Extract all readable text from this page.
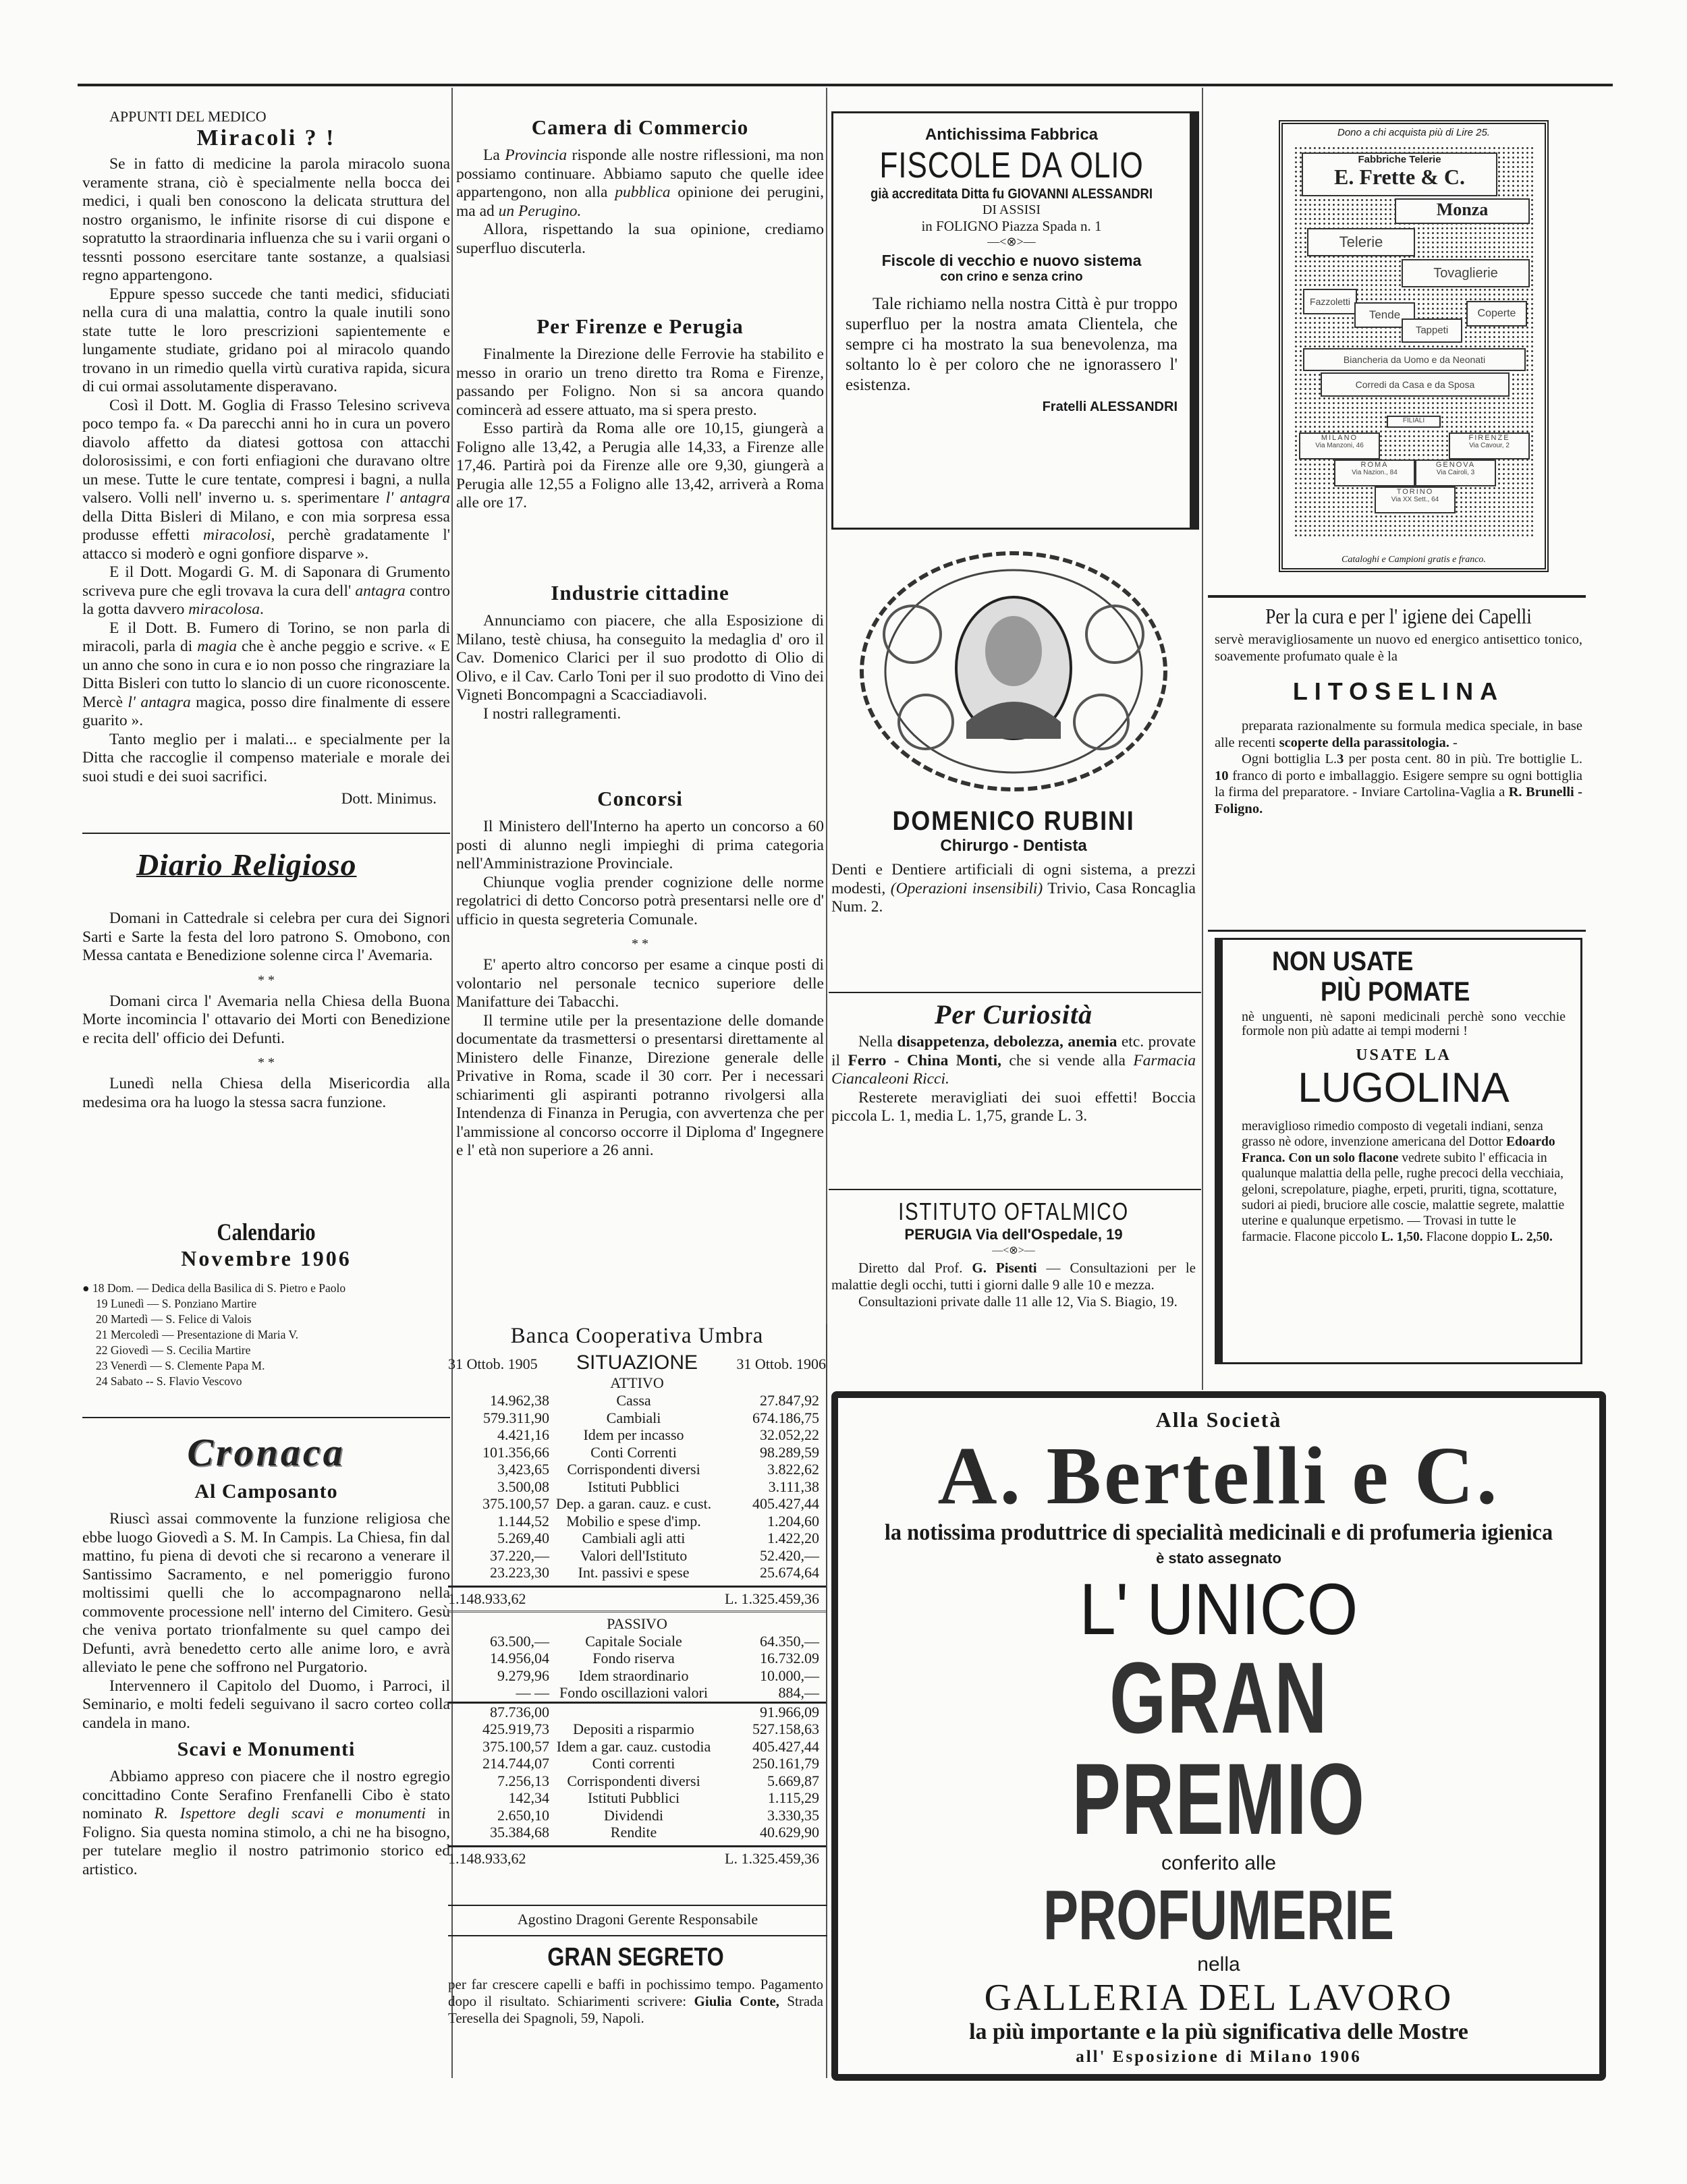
APPUNTI DEL MEDICO
Miracoli ? !

Se in fatto di medicine la parola miracolo suona veramente strana, ciò è specialmente nella bocca dei medici, i quali ben conoscono la delicata struttura del nostro organismo, le infinite risorse di cui dispone e sopratutto la straordinaria influenza che su i varii organi o tessnti possono esercitare tante sostanze, a qualsiasi regno appartengono.

Eppure spesso succede che tanti medici, sfiduciati nella cura di una malattia, contro la quale inutili sono state tutte le loro prescrizioni sapientemente e lungamente studiate, gridano poi al miracolo quando trovano in un rimedio quella virtù curativa rapida, sicura di cui ormai assolutamente disperavano.

Così il Dott. M. Goglia di Frasso Telesino scriveva poco tempo fa. « Da parecchi anni ho in cura un povero diavolo affetto da diatesi gottosa con attacchi dolorosissimi, e con forti enfiagioni che duravano oltre un mese. Tutte le cure tentate, compresi i bagni, a nulla valsero. Volli nell' inverno u. s. sperimentare l' antagra della Ditta Bisleri di Milano, e con mia sorpresa essa produsse effetti miracolosi, perchè gradatamente l' attacco si moderò e ogni gonfiore disparve ».

E il Dott. Mogardi G. M. di Saponara di Grumento scriveva pure che egli trovava la cura dell' antagra contro la gotta davvero miracolosa.

E il Dott. B. Fumero di Torino, se non parla di miracoli, parla di magia che è anche peggio e scrive. « E un anno che sono in cura e io non posso che ringraziare la Ditta Bisleri con tutto lo slancio di un cuore riconoscente. Mercè l' antagra magica, posso dire finalmente di essere guarito ».

Tanto meglio per i malati... e specialmente per la Ditta che raccoglie il compenso materiale e morale dei suoi studi e dei suoi sacrifici.

Dott. Minimus.
Diario Religioso

Domani in Cattedrale si celebra per cura dei Signori Sarti e Sarte la festa del loro patrono S. Omobono, con Messa cantata e Benedizione solenne circa l' Avemaria.

* *

Domani circa l' Avemaria nella Chiesa della Buona Morte incomincia l' ottavario dei Morti con Benedizione e recita dell' officio dei Defunti.

* *

Lunedì nella Chiesa della Misericordia alla medesima ora ha luogo la stessa sacra funzione.

Calendario
Novembre 1906
● 18 Dom. — Dedica della Basilica di S. Pietro e Paolo
19 Lunedì — S. Ponziano Martire
20 Martedì — S. Felice di Valois
21 Mercoledì — Presentazione di Maria V.
22 Giovedì — S. Cecilia Martire
23 Venerdì — S. Clemente Papa M.
24 Sabato -- S. Flavio Vescovo
Cronaca
Al Camposanto

Riuscì assai commovente la funzione religiosa che ebbe luogo Giovedì a S. M. In Campis. La Chiesa, fin dal mattino, fu piena di devoti che si recarono a venerare il Santissimo Sacramento, e nel pomeriggio furono moltissimi quelli che lo accompagnarono nella commovente processione nell' interno del Cimitero. Gesù che veniva portato trionfalmente su quel campo dei Defunti, avrà benedetto certo alle anime loro, e avrà alleviato le pene che soffrono nel Purgatorio.

Intervennero il Capitolo del Duomo, i Parroci, il Seminario, e molti fedeli seguivano il sacro corteo colla candela in mano.

Scavi e Monumenti

Abbiamo appreso con piacere che il nostro egregio concittadino Conte Serafino Frenfanelli Cibo è stato nominato R. Ispettore degli scavi e monumenti in Foligno. Sia questa nomina stimolo, a chi ne ha bisogno, per tutelare meglio il nostro patrimonio storico ed artistico.

Camera di Commercio

La Provincia risponde alle nostre riflessioni, ma non possiamo continuare. Abbiamo saputo che quelle idee appartengono, non alla pubblica opinione dei perugini, ma ad un Perugino.

Allora, rispettando la sua opinione, crediamo superfluo discuterla.

Per Firenze e Perugia

Finalmente la Direzione delle Ferrovie ha stabilito e messo in orario un treno diretto tra Roma e Firenze, passando per Foligno. Non si sa ancora quando comincerà ad essere attuato, ma si spera presto.

Esso partirà da Roma alle ore 10,15, giungerà a Foligno alle 13,42, a Perugia alle 14,33, a Firenze alle 17,46. Partirà poi da Firenze alle ore 9,30, giungerà a Perugia alle 12,55 a Foligno alle 13,42, arriverà a Roma alle ore 17.

Industrie cittadine

Annunciamo con piacere, che alla Esposizione di Milano, testè chiusa, ha conseguito la medaglia d' oro il Cav. Domenico Clarici per il suo prodotto di Olio di Olivo, e il Cav. Carlo Toni per il suo prodotto di Vino dei Vigneti Boncompagni a Scacciadiavoli.

I nostri rallegramenti.

Concorsi

Il Ministero dell'Interno ha aperto un concorso a 60 posti di alunno negli impieghi di prima categoria nell'Amministrazione Provinciale.

Chiunque voglia prender cognizione delle norme regolatrici di detto Concorso potrà presentarsi nelle ore d' ufficio in questa segreteria Comunale.

* *

E' aperto altro concorso per esame a cinque posti di volontario nel personale tecnico superiore delle Manifatture dei Tabacchi.

Il termine utile per la presentazione delle domande documentate da trasmettersi o presentarsi direttamente al Ministero delle Finanze, Direzione generale delle Privative in Roma, scade il 30 corr. Per i necessari schiarimenti gli aspiranti potranno rivolgersi alla Intendenza di Finanza in Perugia, con avvertenza che per l'ammissione al concorso occorre il Diploma d' Ingegnere e l' età non superiore a 26 anni.

Banca Cooperativa Umbra
31 Ottob. 1905 SITUAZIONE	31 Ottob. 1906
ATTIVO
14.962,38	Cassa	27.847,92
579.311,90	Cambiali	674.186,75
4.421,16	Idem per incasso	32.052,22
101.356,66	Conti Correnti	98.289,59
3,423,65	Corrispondenti diversi	3.822,62
3.500,08	Istituti Pubblici	3.111,38
375.100,57 Dep. a garan. cauz. e cust.	405.427,44
1.144,52	Mobilio e spese d'imp.	1.204,60
5.269,40	Cambiali agli atti	1.422,20
37.220,—	Valori dell'Istituto	52.420,—
23.223,30	Int. passivi e spese	25.674,64
1.148.933,62	L. 1.325.459,36
PASSIVO
63.500,—	Capitale Sociale	64.350,—
14.956,04	Fondo riserva	16.732.09
9.279,96	Idem straordinario	10.000,—
— — Fondo oscillazioni valori	884,—
87.736,00	91.966,09
425.919,73	Depositi a risparmio	527.158,63
375.100,57 Idem a gar. cauz. custodia	405.427,44
214.744,07	Conti correnti	250.161,79
7.256,13	Corrispondenti diversi	5.669,87
142,34	Istituti Pubblici	1.115,29
2.650,10	Dividendi	3.330,35
35.384,68	Rendite	40.629,90
1.148.933,62	L. 1.325.459,36
Agostino Dragoni Gerente Responsabile
GRAN SEGRETO

per far crescere capelli e baffi in pochissimo tempo. Pagamento dopo il risultato. Schiarimenti scrivere: Giulia Conte, Strada Teresella dei Spagnoli, 59, Napoli.

Antichissima Fabbrica
FISCOLE DA OLIO
già accreditata Ditta fu GIOVANNI ALESSANDRI
DI ASSISI
in FOLIGNO Piazza Spada n. 1
—<⊗>—
Fiscole di vecchio e nuovo sistema
con crino e senza crino

Tale richiamo nella nostra Città è pur troppo superfluo per la nostra amata Clientela, che sempre ci ha mostrato la sua benevolenza, ma soltanto lo è per coloro che ne ignorassero l' esistenza.

Fratelli ALESSANDRI
DOMENICO RUBINI
Chirurgo - Dentista

Denti e Dentiere artificiali di ogni sistema, a prezzi modesti, (Operazioni insensibili) Trivio, Casa Roncaglia Num. 2.

Per Curiosità

Nella disappetenza, debolezza, anemia etc. provate il Ferro - China Monti, che si vende alla Farmacia Ciancaleoni Ricci.

Resterete meravigliati dei suoi effetti! Boccia piccola L. 1, media L. 1,75, grande L. 3.

ISTITUTO OFTALMICO
PERUGIA Via dell'Ospedale, 19
—<⊗>—

Diretto dal Prof. G. Pisenti — Consultazioni per le malattie degli occhi, tutti i giorni dalle 9 alle 10 e mezza.

Consultazioni private dalle 11 alle 12, Via S. Biagio, 19.

Alla Società
A. Bertelli e C.
la notissima produttrice di specialità medicinali e di profumeria igienica
è stato assegnato
L' UNICO
GRAN PREMIO
conferito alle
PROFUMERIE
nella
GALLERIA DEL LAVORO
la più importante e la più significativa delle Mostre
all' Esposizione di Milano 1906
Dono a chi acquista più di Lire 25.
Fabbriche Telerie
E. Frette & C.
Monza
Telerie
Tovaglierie
Fazzoletti
Tende	Coperte
Tappeti
Biancheria da Uomo e da Neonati
Corredi da Casa e da Sposa
FILIALI
MILANO
Via Manzoni, 46
FIRENZE
Via Cavour, 2
ROMA
Via Nazion., 84
GENOVA
Via Cairoli, 3
TORINO
Via XX Sett., 64
Cataloghi e Campioni gratis e franco.
Per la cura e per l' igiene dei Capelli
servè meravigliosamente un nuovo ed energico antisettico tonico, soavemente profumato quale è la
LITOSELINA

preparata razionalmente su formula medica speciale, in base alle recenti scoperte della parassitologia. -

Ogni bottiglia L.3 per posta cent. 80 in più. Tre bottiglie L. 10 franco di porto e imballaggio. Esigere sempre su ogni bottiglia la firma del preparatore. - Inviare Cartolina-Vaglia a R. Brunelli - Foligno.

NON USATE
PIÙ POMATE
nè unguenti, nè saponi medicinali perchè sono vecchie formole non più adatte ai tempi moderni !
USATE LA
LUGOLINA

meraviglioso rimedio composto di vegetali indiani, senza grasso nè odore, invenzione americana del Dottor Edoardo Franca. Con un solo flacone vedrete subito l' efficacia in qualunque malattia della pelle, rughe precoci della vecchiaia, geloni, screpolature, piaghe, erpeti, pruriti, tigna, scottature, sudori ai piedi, bruciore alle coscie, malattie segrete, malattie uterine e qualunque erpetismo. — Trovasi in tutte le farmacie. Flacone piccolo L. 1,50. Flacone doppio L. 2,50.
